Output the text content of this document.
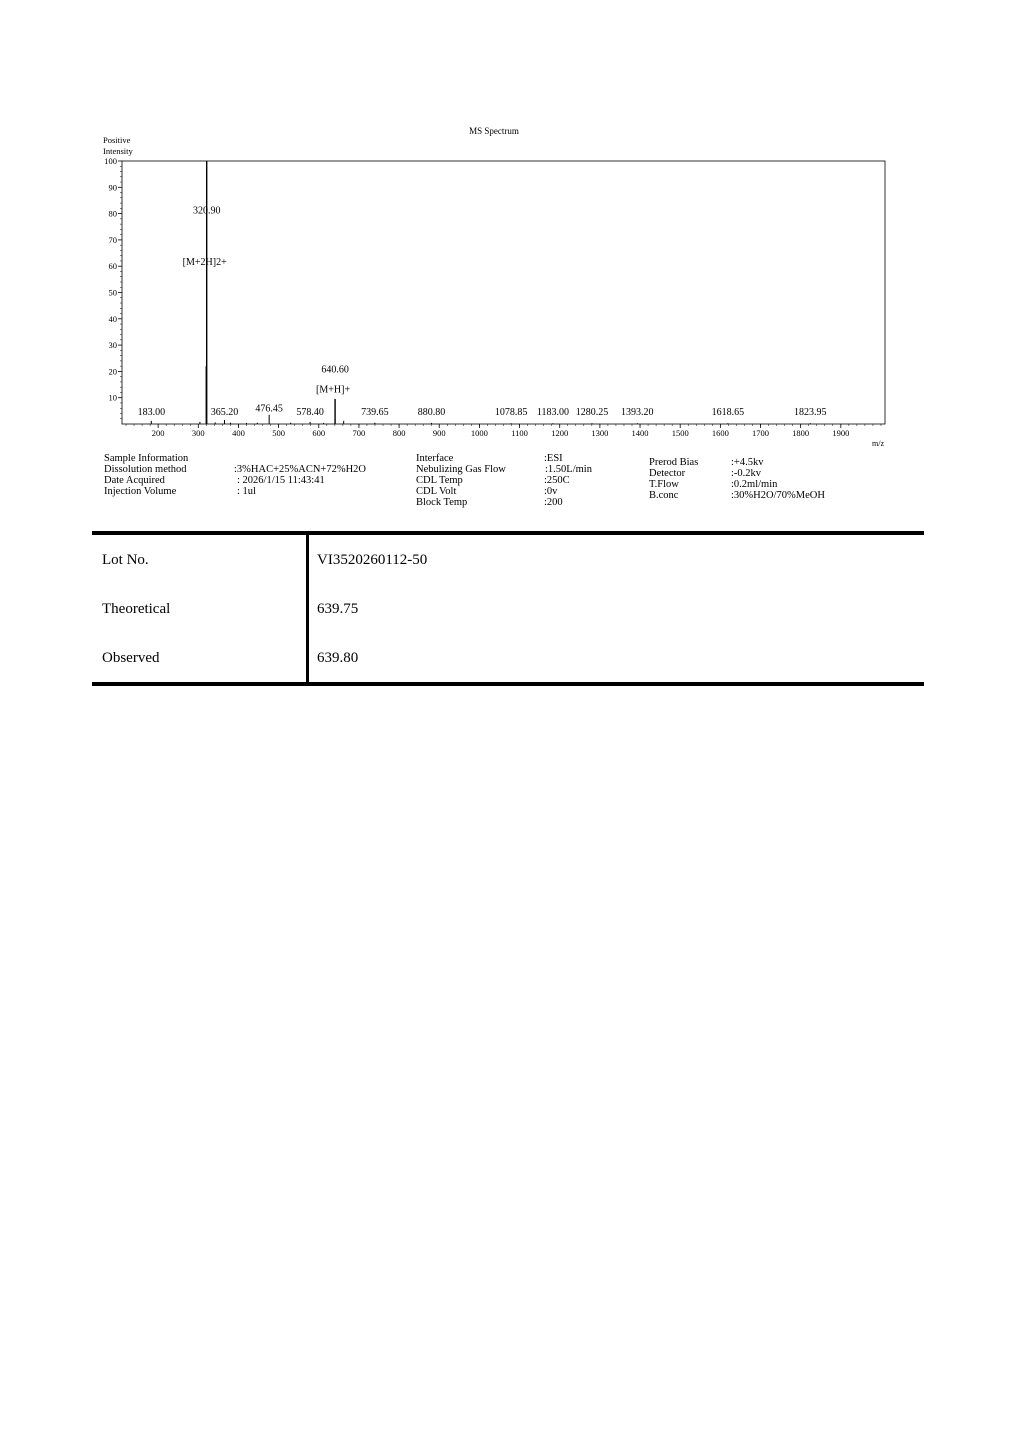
MS Spectrum
Positive
Intensity
m/z
10
20
30
40
50
60
70
80
90
100
200	300	400	500	600	700	800	900	1000	1100	1200	1300	1400	1500	1600	1700	1800	1900
183.00
320.90
365.20 476.45 578.40
640.60
739.65	880.80	1078.85 1183.00 1280.25 1393.20	1618.65	1823.95
[M+2H]2+
[M+H]+
Sample Information
Dissolution method	:3%HAC+25%ACN+72%H2O
Date Acquired	: 2026/1/15 11:43:41
Injection Volume	: 1ul
Interface	:ESI
Nebulizing Gas Flow	:1.50L/min
CDL Temp	:250C
CDL Volt	:0v
Block Temp	:200
Prerod Bias	:+4.5kv
Detector	:-0.2kv
T.Flow	:0.2ml/min
B.conc	:30%H2O/70%MeOH
Lot No.	VI3520260112-50
Theoretical	639.75
Observed	639.80
